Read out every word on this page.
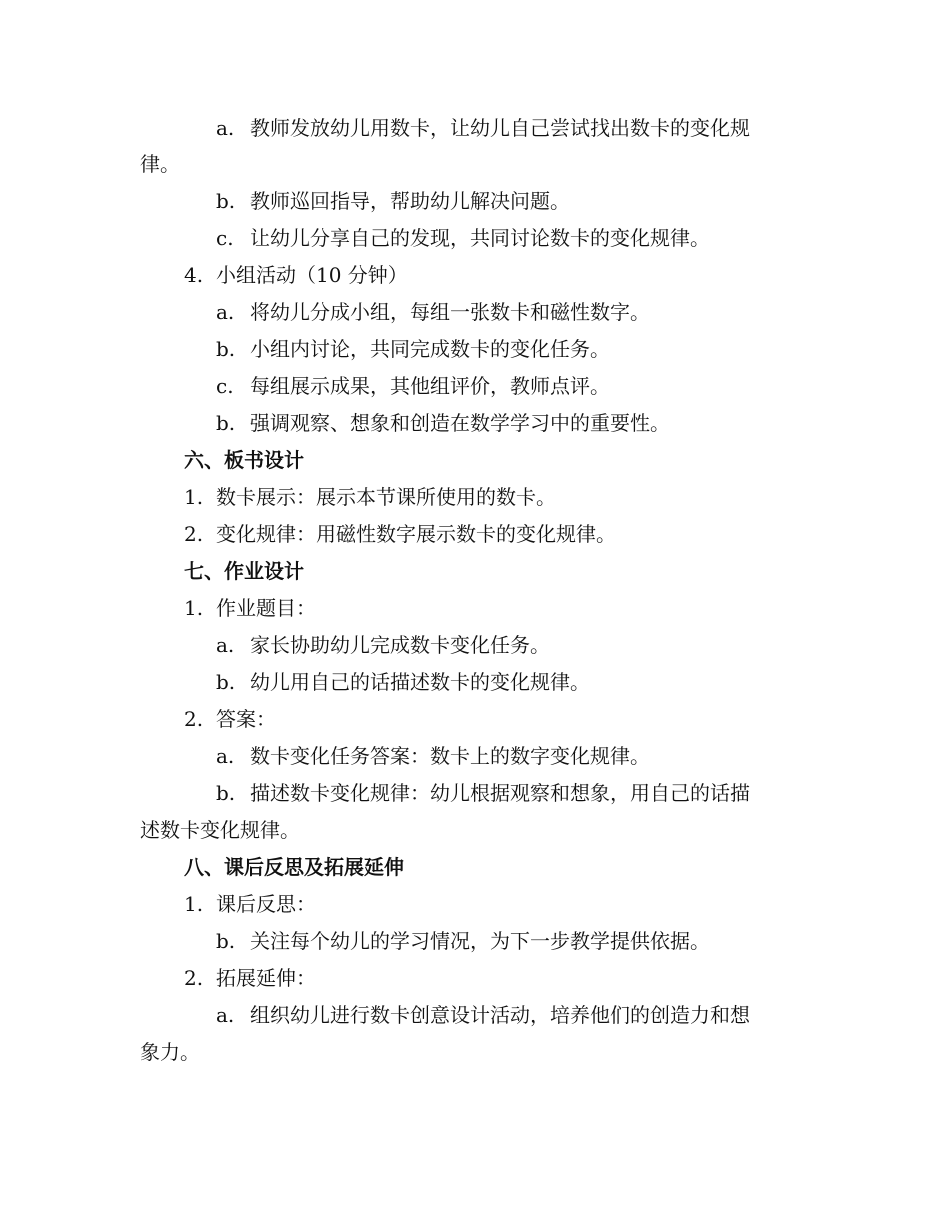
a. 教师发放幼儿用数卡，让幼儿自己尝试找出数卡的变化规
律。
b. 教师巡回指导，帮助幼儿解决问题。
c. 让幼儿分享自己的发现，共同讨论数卡的变化规律。
4. 小组活动（10 分钟）
a. 将幼儿分成小组，每组一张数卡和磁性数字。
b. 小组内讨论，共同完成数卡的变化任务。
c. 每组展示成果，其他组评价，教师点评。
b. 强调观察、想象和创造在数学学习中的重要性。
六、板书设计
1. 数卡展示：展示本节课所使用的数卡。
2. 变化规律：用磁性数字展示数卡的变化规律。
七、作业设计
1. 作业题目：
a. 家长协助幼儿完成数卡变化任务。
b. 幼儿用自己的话描述数卡的变化规律。
2. 答案：
a. 数卡变化任务答案：数卡上的数字变化规律。
b. 描述数卡变化规律：幼儿根据观察和想象，用自己的话描
述数卡变化规律。
八、课后反思及拓展延伸
1. 课后反思：
b. 关注每个幼儿的学习情况，为下一步教学提供依据。
2. 拓展延伸：
a. 组织幼儿进行数卡创意设计活动，培养他们的创造力和想
象力。
